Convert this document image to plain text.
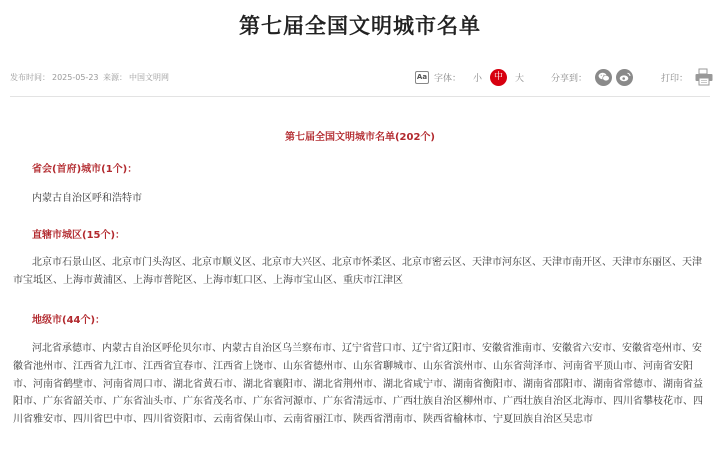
第七届全国文明城市名单
发布时间： 2025-05-23 来源： 中国文明网	Aa 字体： 小	中	大	分享到：	打印：
第七届全国文明城市名单(202个)
省会(首府)城市(1个)：
内蒙古自治区呼和浩特市
直辖市城区(15个)：
北京市石景山区、北京市门头沟区、北京市顺义区、北京市大兴区、北京市怀柔区、北京市密云区、天津市河东区、天津市南开区、天津市东丽区、天津市宝坻区、上海市黄浦区、上海市普陀区、上海市虹口区、上海市宝山区、重庆市江津区
地级市(44个)：
河北省承德市、内蒙古自治区呼伦贝尔市、内蒙古自治区乌兰察布市、辽宁省营口市、辽宁省辽阳市、安徽省淮南市、安徽省六安市、安徽省亳州市、安徽省池州市、江西省九江市、江西省宜春市、江西省上饶市、山东省德州市、山东省聊城市、山东省滨州市、山东省菏泽市、河南省平顶山市、河南省安阳市、河南省鹤壁市、河南省周口市、湖北省黄石市、湖北省襄阳市、湖北省荆州市、湖北省咸宁市、湖南省衡阳市、湖南省邵阳市、湖南省常德市、湖南省益阳市、广东省韶关市、广东省汕头市、广东省茂名市、广东省河源市、广东省清远市、广西壮族自治区柳州市、广西壮族自治区北海市、四川省攀枝花市、四川省雅安市、四川省巴中市、四川省资阳市、云南省保山市、云南省丽江市、陕西省渭南市、陕西省榆林市、宁夏回族自治区吴忠市
